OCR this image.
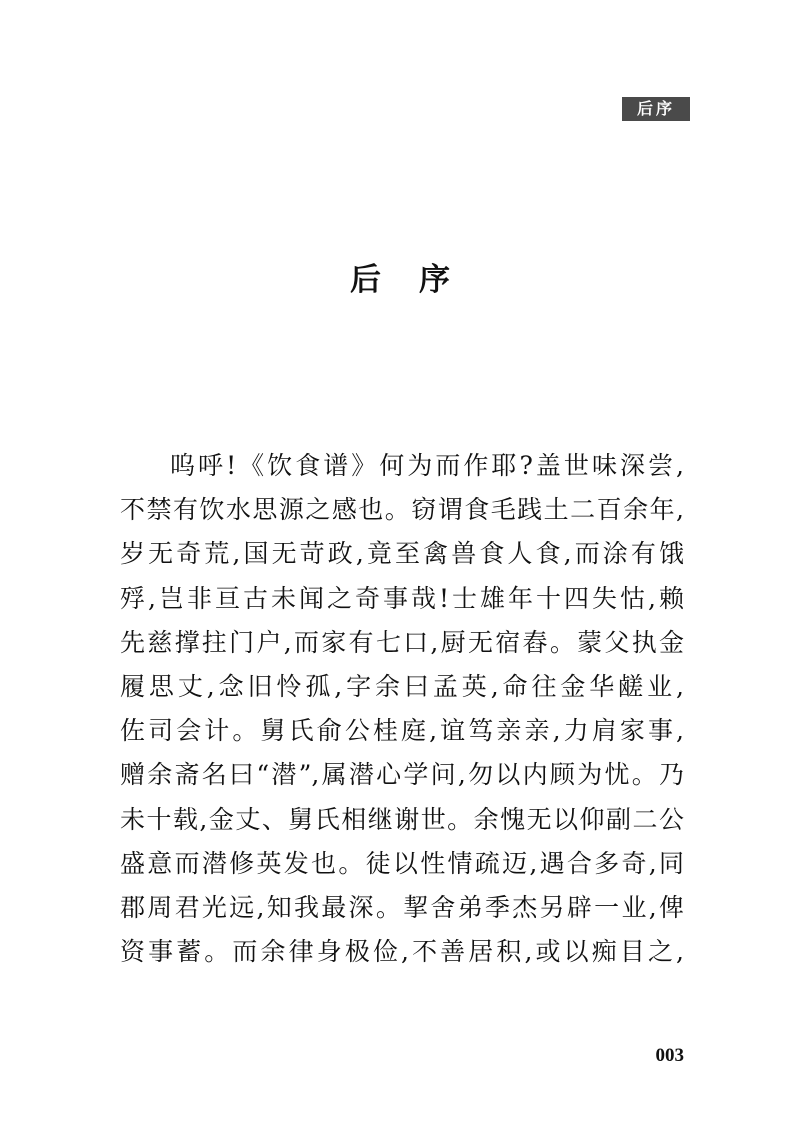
后序
后序
呜呼!《饮食谱》何为而作耶?盖世味深尝,
不禁有饮水思源之感也。窃谓食毛践土二百余年,
岁无奇荒,国无苛政,竟至禽兽食人食,而涂有饿
殍,岂非亘古未闻之奇事哉!士雄年十四失怙,赖
先慈撑拄门户,而家有七口,厨无宿舂。蒙父执金
履思丈,念旧怜孤,字余曰孟英,命往金华鹾业,
佐司会计。舅氏俞公桂庭,谊笃亲亲,力肩家事,
赠余斋名曰“潜”,属潜心学问,勿以内顾为忧。乃
未十载,金丈、舅氏相继谢世。余愧无以仰副二公
盛意而潜修英发也。徒以性情疏迈,遇合多奇,同
郡周君光远,知我最深。挈舍弟季杰另辟一业,俾
资事蓄。而余律身极俭,不善居积,或以痴目之,
003
